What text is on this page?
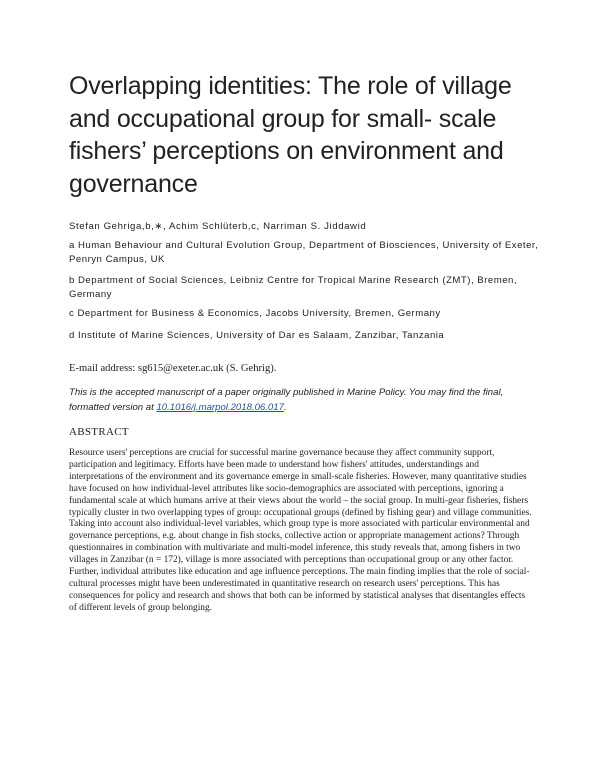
Overlapping identities: The role of village and occupational group for small- scale fishers’ perceptions on environment and governance
Stefan Gehriga,b,∗, Achim Schlüterb,c, Narriman S. Jiddawid
a Human Behaviour and Cultural Evolution Group, Department of Biosciences, University of Exeter, Penryn Campus, UK
b Department of Social Sciences, Leibniz Centre for Tropical Marine Research (ZMT), Bremen, Germany
c Department for Business & Economics, Jacobs University, Bremen, Germany
d Institute of Marine Sciences, University of Dar es Salaam, Zanzibar, Tanzania
E-mail address: sg615@exeter.ac.uk (S. Gehrig).
This is the accepted manuscript of a paper originally published in Marine Policy. You may find the final, formatted version at 10.1016/j.marpol.2018.06.017.
ABSTRACT

Resource users' perceptions are crucial for successful marine governance because they affect community support, participation and legitimacy. Efforts have been made to understand how fishers' attitudes, understandings and interpretations of the environment and its governance emerge in small-scale fisheries. However, many quantitative studies have focused on how individual-level attributes like socio-demographics are associated with perceptions, ignoring a fundamental scale at which humans arrive at their views about the world – the social group. In multi-gear fisheries, fishers typically cluster in two overlapping types of group: occupational groups (defined by fishing gear) and village communities. Taking into account also individual-level variables, which group type is more associated with particular environmental and governance perceptions, e.g. about change in fish stocks, collective action or appropriate management actions? Through questionnaires in combination with multivariate and multi-model inference, this study reveals that, among fishers in two villages in Zanzibar (n = 172), village is more associated with perceptions than occupational group or any other factor. Further, individual attributes like education and age influence perceptions. The main finding implies that the role of social- cultural processes might have been underestimated in quantitative research on research users' perceptions. This has consequences for policy and research and shows that both can be informed by statistical analyses that disentangles effects of different levels of group belonging.
